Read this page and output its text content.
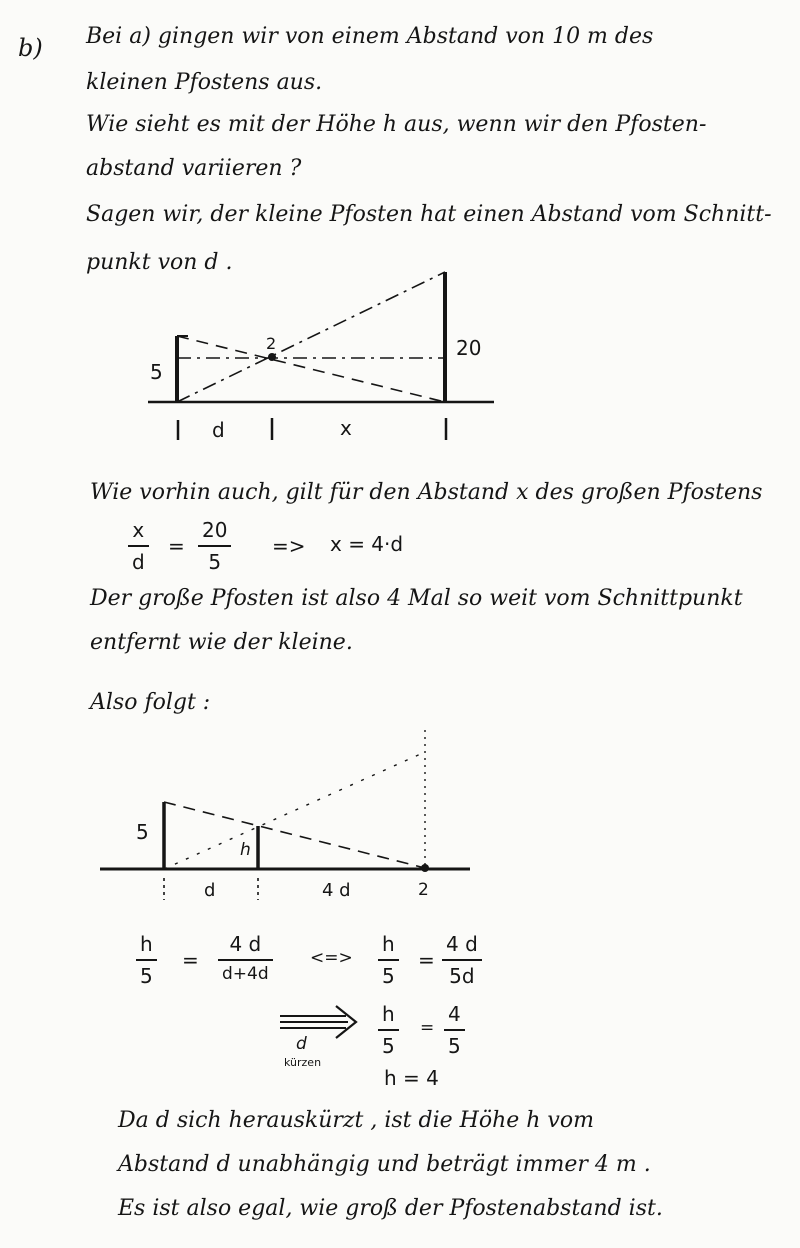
b) Bei a) gingen wir von einem Abstand von 10 m des
kleinen Pfostens aus.
Wie sieht es mit der Höhe h aus, wenn wir den Pfosten-
abstand variieren ?
Sagen wir, der kleine Pfosten hat einen Abstand vom Schnitt-
punkt von d .
5
20
2
d	x
Wie vorhin auch, gilt für den Abstand x des großen Pfostens
x
d
=
20
5
=> x = 4·d
Der große Pfosten ist also 4 Mal so weit vom Schnittpunkt
entfernt wie der kleine.
Also folgt :
5
h
d	4 d	2
h
5
=
4 d
d+4d
<=>
h
5
=
4 d
5d
d
kürzen
h
5
=
4
5
h = 4
Da d sich herauskürzt , ist die Höhe h vom
Abstand d unabhängig und beträgt immer 4 m .
Es ist also egal, wie groß der Pfostenabstand ist.
